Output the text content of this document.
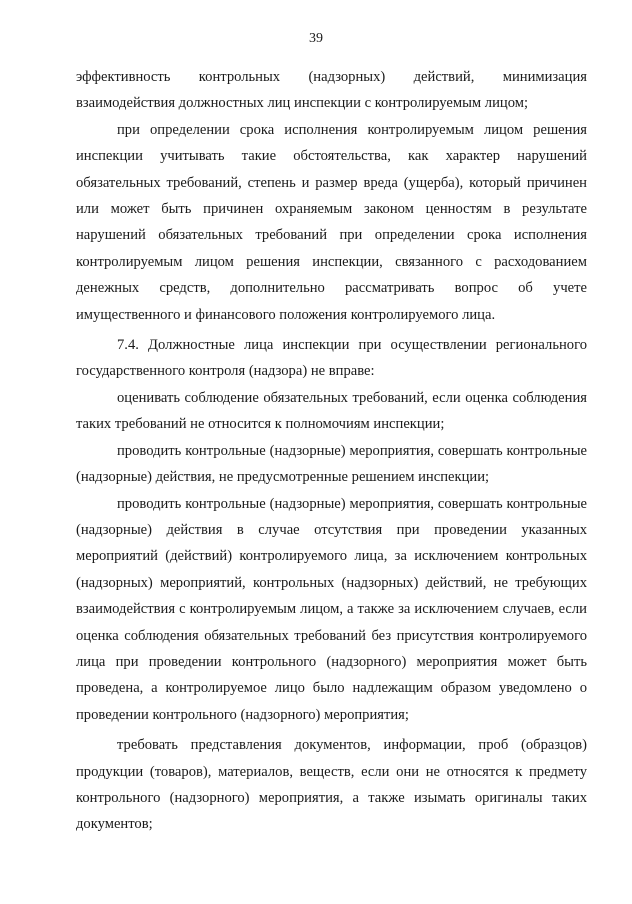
39

эффективность контрольных (надзорных) действий, минимизация взаимодействия должностных лиц инспекции с контролируемым лицом;

при определении срока исполнения контролируемым лицом решения инспекции учитывать такие обстоятельства, как характер нарушений обязательных требований, степень и размер вреда (ущерба), который причинен или может быть причинен охраняемым законом ценностям в результате нарушений обязательных требований при определении срока исполнения контролируемым лицом решения инспекции, связанного с расходованием денежных средств, дополнительно рассматривать вопрос об учете имущественного и финансового положения контролируемого лица.

7.4. Должностные лица инспекции при осуществлении регионального государственного контроля (надзора) не вправе:

оценивать соблюдение обязательных требований, если оценка соблюдения таких требований не относится к полномочиям инспекции;

проводить контрольные (надзорные) мероприятия, совершать контрольные (надзорные) действия, не предусмотренные решением инспекции;

проводить контрольные (надзорные) мероприятия, совершать контрольные (надзорные) действия в случае отсутствия при проведении указанных мероприятий (действий) контролируемого лица, за исключением контрольных (надзорных) мероприятий, контрольных (надзорных) действий, не требующих взаимодействия с контролируемым лицом, а также за исключением случаев, если оценка соблюдения обязательных требований без присутствия контролируемого лица при проведении контрольного (надзорного) мероприятия может быть проведена, а контролируемое лицо было надлежащим образом уведомлено о проведении контрольного (надзорного) мероприятия;

требовать представления документов, информации, проб (образцов) продукции (товаров), материалов, веществ, если они не относятся к предмету контрольного (надзорного) мероприятия, а также изымать оригиналы таких документов;
